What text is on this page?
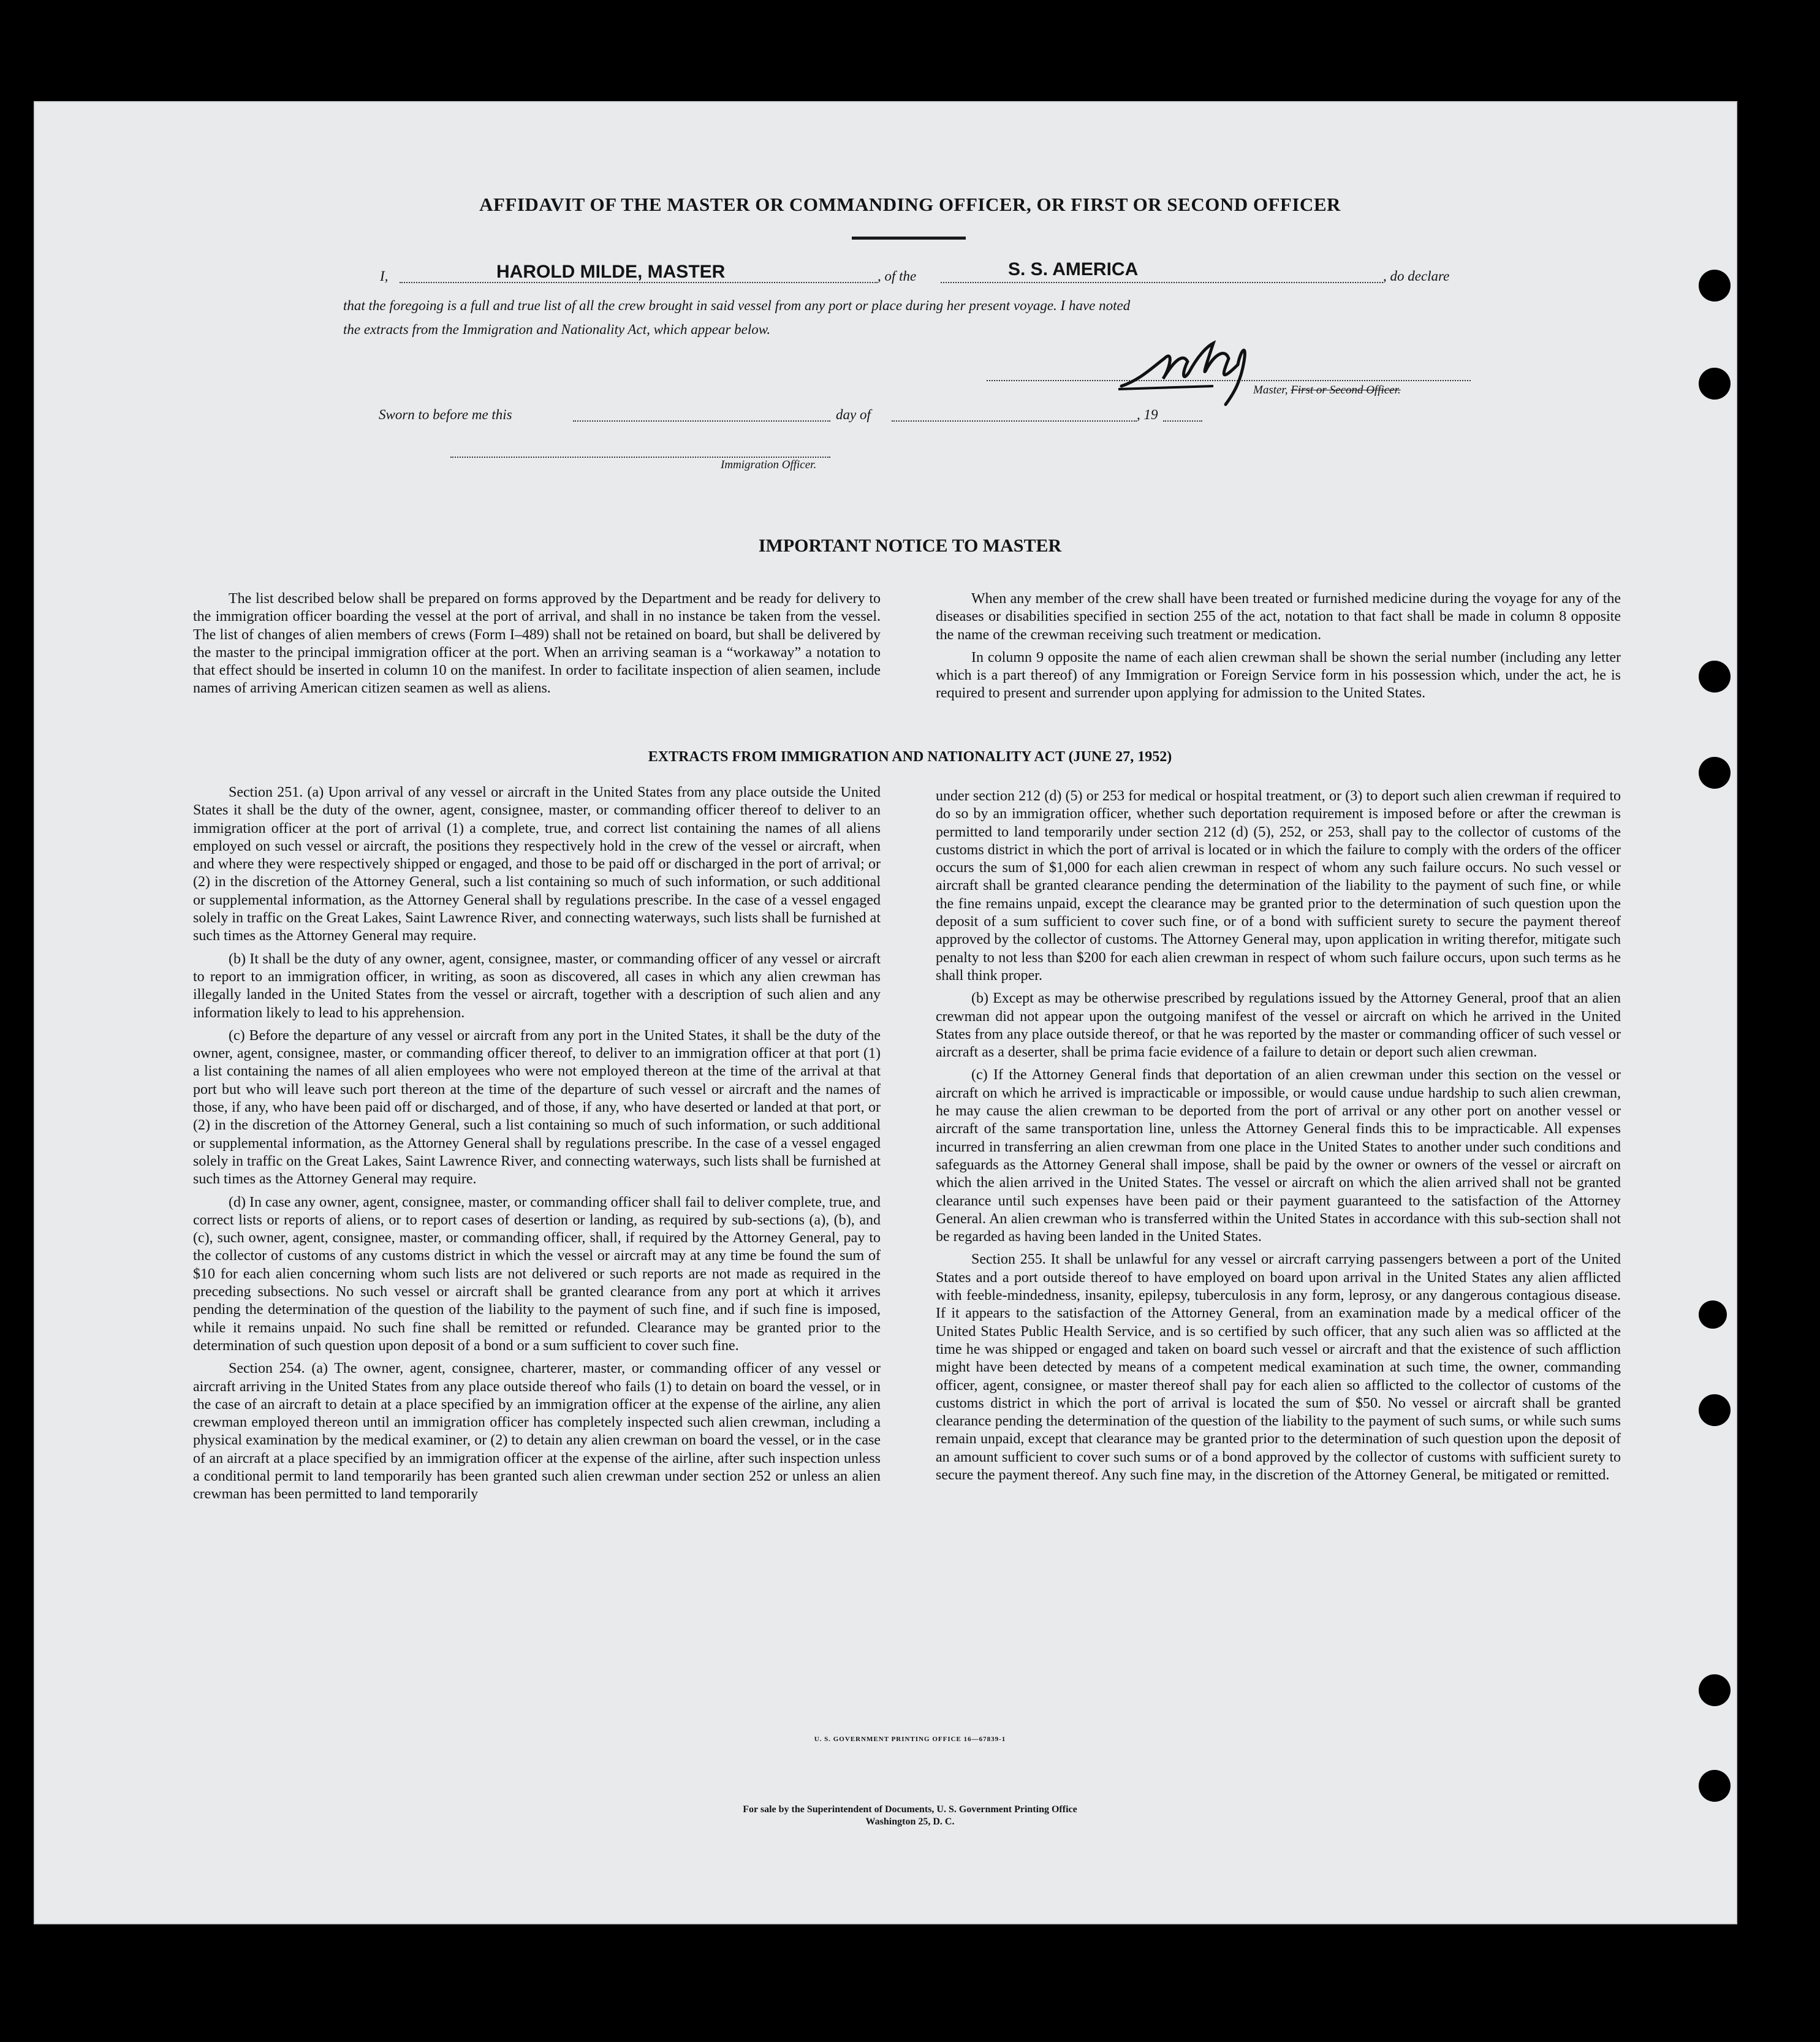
AFFIDAVIT OF THE MASTER OR COMMANDING OFFICER, OR FIRST OR SECOND OFFICER
I,	HAROLD MILDE, MASTER	, of the	S. S. AMERICA	, do declare
that the foregoing is a full and true list of all the crew brought in said vessel from any port or place during her present voyage. I have noted
the extracts from the Immigration and Nationality Act, which appear below.
Master, First or Second Officer.
Sworn to before me this	day of	, 19
Immigration Officer.
IMPORTANT NOTICE TO MASTER

The list described below shall be prepared on forms approved by the Department and be ready for delivery to the immigration officer boarding the vessel at the port of arrival, and shall in no instance be taken from the vessel. The list of changes of alien members of crews (Form I–489) shall not be retained on board, but shall be delivered by the master to the principal immigration officer at the port. When an arriving seaman is a “workaway” a notation to that effect should be inserted in column 10 on the manifest. In order to facilitate inspection of alien seamen, include names of arriving American citizen seamen as well as aliens.

When any member of the crew shall have been treated or furnished medicine during the voyage for any of the diseases or disabilities specified in section 255 of the act, notation to that fact shall be made in column 8 opposite the name of the crewman receiving such treatment or medication.

In column 9 opposite the name of each alien crewman shall be shown the serial number (including any letter which is a part thereof) of any Immigration or Foreign Service form in his possession which, under the act, he is required to present and surrender upon applying for admission to the United States.

EXTRACTS FROM IMMIGRATION AND NATIONALITY ACT (JUNE 27, 1952)

Section 251. (a) Upon arrival of any vessel or aircraft in the United States from any place outside the United States it shall be the duty of the owner, agent, consignee, master, or commanding officer thereof to deliver to an immigration officer at the port of arrival (1) a complete, true, and correct list containing the names of all aliens employed on such vessel or aircraft, the positions they respectively hold in the crew of the vessel or aircraft, when and where they were respectively shipped or engaged, and those to be paid off or discharged in the port of arrival; or (2) in the discretion of the Attorney General, such a list containing so much of such information, or such additional or supplemental information, as the Attorney General shall by regulations prescribe. In the case of a vessel engaged solely in traffic on the Great Lakes, Saint Lawrence River, and connecting waterways, such lists shall be furnished at such times as the Attorney General may require.

(b) It shall be the duty of any owner, agent, consignee, master, or commanding officer of any vessel or aircraft to report to an immigration officer, in writing, as soon as discovered, all cases in which any alien crewman has illegally landed in the United States from the vessel or aircraft, together with a description of such alien and any information likely to lead to his apprehension.

(c) Before the departure of any vessel or aircraft from any port in the United States, it shall be the duty of the owner, agent, consignee, master, or commanding officer thereof, to deliver to an immigration officer at that port (1) a list containing the names of all alien employees who were not employed thereon at the time of the arrival at that port but who will leave such port thereon at the time of the departure of such vessel or aircraft and the names of those, if any, who have been paid off or discharged, and of those, if any, who have deserted or landed at that port, or (2) in the discretion of the Attorney General, such a list containing so much of such information, or such additional or supplemental information, as the Attorney General shall by regulations prescribe. In the case of a vessel engaged solely in traffic on the Great Lakes, Saint Lawrence River, and connecting waterways, such lists shall be furnished at such times as the Attorney General may require.

(d) In case any owner, agent, consignee, master, or commanding officer shall fail to deliver complete, true, and correct lists or reports of aliens, or to report cases of desertion or landing, as required by sub-sections (a), (b), and (c), such owner, agent, consignee, master, or commanding officer, shall, if required by the Attorney General, pay to the collector of customs of any customs district in which the vessel or aircraft may at any time be found the sum of $10 for each alien concerning whom such lists are not delivered or such reports are not made as required in the preceding subsections. No such vessel or aircraft shall be granted clearance from any port at which it arrives pending the determination of the question of the liability to the payment of such fine, and if such fine is imposed, while it remains unpaid. No such fine shall be remitted or refunded. Clearance may be granted prior to the determination of such question upon deposit of a bond or a sum sufficient to cover such fine.

Section 254. (a) The owner, agent, consignee, charterer, master, or commanding officer of any vessel or aircraft arriving in the United States from any place outside thereof who fails (1) to detain on board the vessel, or in the case of an aircraft to detain at a place specified by an immigration officer at the expense of the airline, any alien crewman employed thereon until an immigration officer has completely inspected such alien crewman, including a physical examination by the medical examiner, or (2) to detain any alien crewman on board the vessel, or in the case of an aircraft at a place specified by an immigration officer at the expense of the airline, after such inspection unless a conditional permit to land temporarily has been granted such alien crewman under section 252 or unless an alien crewman has been permitted to land temporarily

under section 212 (d) (5) or 253 for medical or hospital treatment, or (3) to deport such alien crewman if required to do so by an immigration officer, whether such deportation requirement is imposed before or after the crewman is permitted to land temporarily under section 212 (d) (5), 252, or 253, shall pay to the collector of customs of the customs district in which the port of arrival is located or in which the failure to comply with the orders of the officer occurs the sum of $1,000 for each alien crewman in respect of whom any such failure occurs. No such vessel or aircraft shall be granted clearance pending the determination of the liability to the payment of such fine, or while the fine remains unpaid, except the clearance may be granted prior to the determination of such question upon the deposit of a sum sufficient to cover such fine, or of a bond with sufficient surety to secure the payment thereof approved by the collector of customs. The Attorney General may, upon application in writing therefor, mitigate such penalty to not less than $200 for each alien crewman in respect of whom such failure occurs, upon such terms as he shall think proper.

(b) Except as may be otherwise prescribed by regulations issued by the Attorney General, proof that an alien crewman did not appear upon the outgoing manifest of the vessel or aircraft on which he arrived in the United States from any place outside thereof, or that he was reported by the master or commanding officer of such vessel or aircraft as a deserter, shall be prima facie evidence of a failure to detain or deport such alien crewman.

(c) If the Attorney General finds that deportation of an alien crewman under this section on the vessel or aircraft on which he arrived is impracticable or impossible, or would cause undue hardship to such alien crewman, he may cause the alien crewman to be deported from the port of arrival or any other port on another vessel or aircraft of the same transportation line, unless the Attorney General finds this to be impracticable. All expenses incurred in transferring an alien crewman from one place in the United States to another under such conditions and safeguards as the Attorney General shall impose, shall be paid by the owner or owners of the vessel or aircraft on which the alien arrived in the United States. The vessel or aircraft on which the alien arrived shall not be granted clearance until such expenses have been paid or their payment guaranteed to the satisfaction of the Attorney General. An alien crewman who is transferred within the United States in accordance with this sub-section shall not be regarded as having been landed in the United States.

Section 255. It shall be unlawful for any vessel or aircraft carrying passengers between a port of the United States and a port outside thereof to have employed on board upon arrival in the United States any alien afflicted with feeble-mindedness, insanity, epilepsy, tuberculosis in any form, leprosy, or any dangerous contagious disease. If it appears to the satisfaction of the Attorney General, from an examination made by a medical officer of the United States Public Health Service, and is so certified by such officer, that any such alien was so afflicted at the time he was shipped or engaged and taken on board such vessel or aircraft and that the existence of such affliction might have been detected by means of a competent medical examination at such time, the owner, commanding officer, agent, consignee, or master thereof shall pay for each alien so afflicted to the collector of customs of the customs district in which the port of arrival is located the sum of $50. No vessel or aircraft shall be granted clearance pending the determination of the question of the liability to the payment of such sums, or while such sums remain unpaid, except that clearance may be granted prior to the determination of such question upon the deposit of an amount sufficient to cover such sums or of a bond approved by the collector of customs with sufficient surety to secure the payment thereof. Any such fine may, in the discretion of the Attorney General, be mitigated or remitted.

U. S. GOVERNMENT PRINTING OFFICE 16—67839-1
For sale by the Superintendent of Documents, U. S. Government Printing Office
Washington 25, D. C.
